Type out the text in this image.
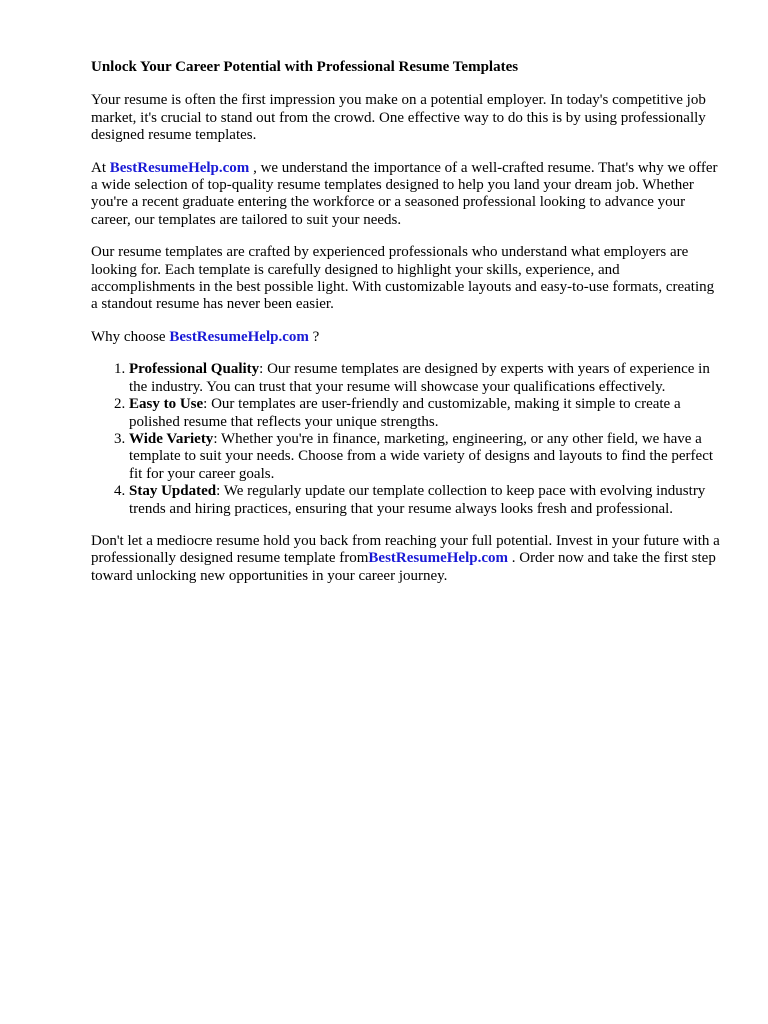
Unlock Your Career Potential with Professional Resume Templates

Your resume is often the first impression you make on a potential employer. In today's competitive job market, it's crucial to stand out from the crowd. One effective way to do this is by using professionally designed resume templates.

At BestResumeHelp.com , we understand the importance of a well-crafted resume. That's why we offer a wide selection of top-quality resume templates designed to help you land your dream job. Whether you're a recent graduate entering the workforce or a seasoned professional looking to advance your career, our templates are tailored to suit your needs.

Our resume templates are crafted by experienced professionals who understand what employers are looking for. Each template is carefully designed to highlight your skills, experience, and accomplishments in the best possible light. With customizable layouts and easy-to-use formats, creating a standout resume has never been easier.

Why choose BestResumeHelp.com ?

1. Professional Quality: Our resume templates are designed by experts with years of experience in the industry. You can trust that your resume will showcase your qualifications effectively.
2. Easy to Use: Our templates are user-friendly and customizable, making it simple to create a polished resume that reflects your unique strengths.
3. Wide Variety: Whether you're in finance, marketing, engineering, or any other field, we have a template to suit your needs. Choose from a wide variety of designs and layouts to find the perfect fit for your career goals.
4. Stay Updated: We regularly update our template collection to keep pace with evolving industry trends and hiring practices, ensuring that your resume always looks fresh and professional.

Don't let a mediocre resume hold you back from reaching your full potential. Invest in your future with a professionally designed resume template fromBestResumeHelp.com . Order now and take the first step toward unlocking new opportunities in your career journey.
